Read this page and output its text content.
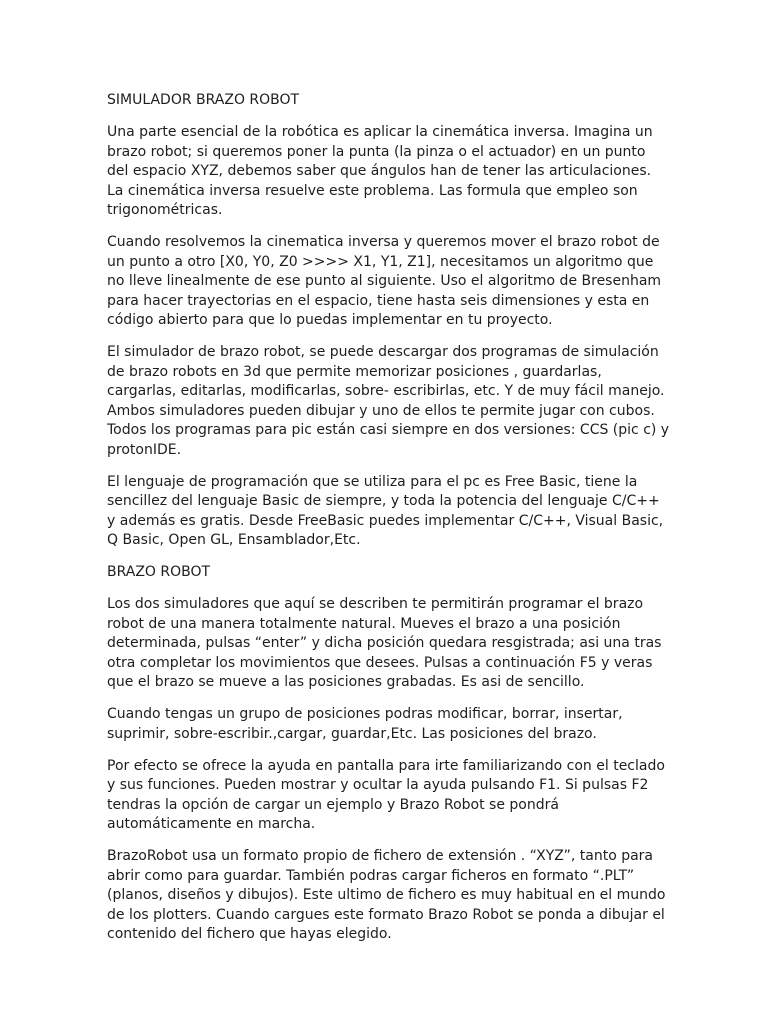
SIMULADOR BRAZO ROBOT

Una parte esencial de la robótica es aplicar la cinemática inversa. Imagina un
brazo robot; si queremos poner la punta (la pinza o el actuador) en un punto
del espacio XYZ, debemos saber que ángulos han de tener las articulaciones.
La cinemática inversa resuelve este problema. Las formula que empleo son
trigonométricas.

Cuando resolvemos la cinematica inversa y queremos mover el brazo robot de
un punto a otro [X0, Y0, Z0 >>>> X1, Y1, Z1], necesitamos un algoritmo que
no lleve linealmente de ese punto al siguiente. Uso el algoritmo de Bresenham
para hacer trayectorias en el espacio, tiene hasta seis dimensiones y esta en
código abierto para que lo puedas implementar en tu proyecto.

El simulador de brazo robot, se puede descargar dos programas de simulación
de brazo robots en 3d que permite memorizar posiciones , guardarlas,
cargarlas, editarlas, modificarlas, sobre- escribirlas, etc. Y de muy fácil manejo.
Ambos simuladores pueden dibujar y uno de ellos te permite jugar con cubos.
Todos los programas para pic están casi siempre en dos versiones: CCS (pic c) y
protonIDE.

El lenguaje de programación que se utiliza para el pc es Free Basic, tiene la
sencillez del lenguaje Basic de siempre, y toda la potencia del lenguaje C/C++
y además es gratis. Desde FreeBasic puedes implementar C/C++, Visual Basic,
Q Basic, Open GL, Ensamblador,Etc.

BRAZO ROBOT

Los dos simuladores que aquí se describen te permitirán programar el brazo
robot de una manera totalmente natural. Mueves el brazo a una posición
determinada, pulsas “enter” y dicha posición quedara resgistrada; asi una tras
otra completar los movimientos que desees. Pulsas a continuación F5 y veras
que el brazo se mueve a las posiciones grabadas. Es asi de sencillo.

Cuando tengas un grupo de posiciones podras modificar, borrar, insertar,
suprimir, sobre-escribir.,cargar, guardar,Etc. Las posiciones del brazo.

Por efecto se ofrece la ayuda en pantalla para irte familiarizando con el teclado
y sus funciones. Pueden mostrar y ocultar la ayuda pulsando F1. Si pulsas F2
tendras la opción de cargar un ejemplo y Brazo Robot se pondrá
automáticamente en marcha.

BrazoRobot usa un formato propio de fichero de extensión . “XYZ”, tanto para
abrir como para guardar. También podras cargar ficheros en formato “.PLT”
(planos, diseños y dibujos). Este ultimo de fichero es muy habitual en el mundo
de los plotters. Cuando cargues este formato Brazo Robot se ponda a dibujar el
contenido del fichero que hayas elegido.
